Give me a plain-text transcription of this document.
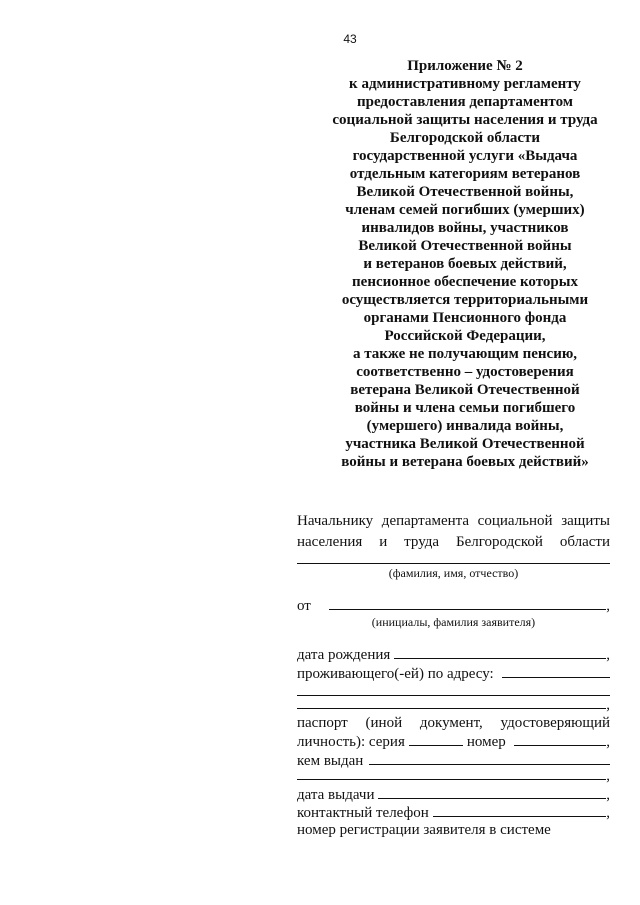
43
Приложение № 2
к административному регламенту
предоставления департаментом
социальной защиты населения и труда
Белгородской области
государственной услуги «Выдача
отдельным категориям ветеранов
Великой Отечественной войны,
членам семей погибших (умерших)
инвалидов войны, участников
Великой Отечественной войны
и ветеранов боевых действий,
пенсионное обеспечение которых
осуществляется территориальными
органами Пенсионного фонда
Российской Федерации,
а также не получающим пенсию,
соответственно – удостоверения
ветерана Великой Отечественной
войны и члена семьи погибшего
(умершего) инвалида войны,
участника Великой Отечественной
войны и ветерана боевых действий»
Начальнику департамента социальной защиты
населения и труда Белгородской области
(фамилия, имя, отчество)
от	,
(инициалы, фамилия заявителя)
дата рождения	,
проживающего(-ей) по адресу:
,
паспорт (иной документ, удостоверяющий
личность): серия	номер	,
кем выдан
,
дата выдачи	,
контактный телефон	,
номер регистрации заявителя в системе
